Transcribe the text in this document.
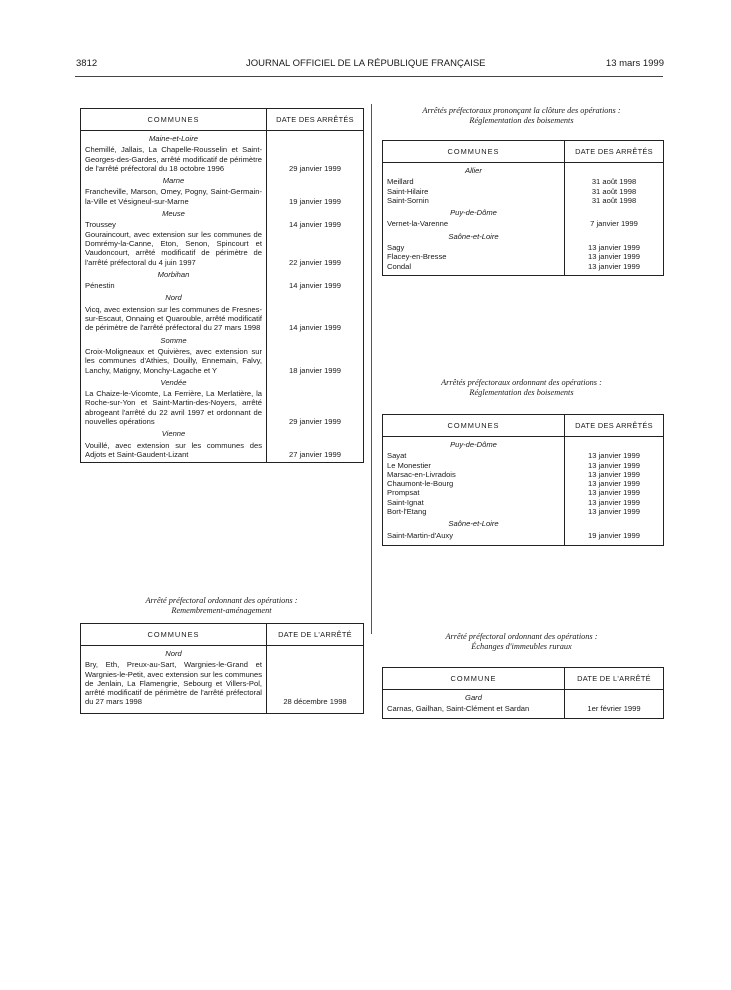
3812	JOURNAL OFFICIEL DE LA RÉPUBLIQUE FRANÇAISE	13 mars 1999
COMMUNES	DATE DES ARRÊTÉS

Maine-et-Loire	

Chemillé, Jallais, La Chapelle-Rousselin et Saint-Georges-des-Gardes, arrêté modificatif de périmètre de l'arrêté préfectoral du 18 octobre 1996	29 janvier 1999

Marne	

Francheville, Marson, Omey, Pogny, Saint-Germain-la-Ville et Vésigneul-sur-Marne	19 janvier 1999

Meuse	

Troussey	14 janvier 1999

Gouraincourt, avec extension sur les communes de Domrémy-la-Canne, Eton, Senon, Spincourt et Vaudoncourt, arrêté modificatif de périmètre de l'arrêté préfectoral du 4 juin 1997	22 janvier 1999

Morbihan	

Pénestin	14 janvier 1999

Nord	

Vicq, avec extension sur les communes de Fresnes-sur-Escaut, Onnaing et Quarouble, arrêté modificatif de périmètre de l'arrêté préfectoral du 27 mars 1998	14 janvier 1999

Somme	

Croix-Moligneaux et Quivières, avec extension sur les communes d'Athies, Douilly, Ennemain, Falvy, Lanchy, Matigny, Monchy-Lagache et Y	18 janvier 1999

Vendée	

La Chaize-le-Vicomte, La Ferrière, La Merlatière, la Roche-sur-Yon et Saint-Martin-des-Noyers, arrêté abrogeant l'arrêté du 22 avril 1997 et ordonnant de nouvelles opérations	29 janvier 1999

Vienne	

Vouillé, avec extension sur les communes des Adjots et Saint-Gaudent-Lizant	27 janvier 1999

Arrêté préfectoral ordonnant des opérations :
Remembrement-aménagement
COMMUNES	DATE DE L'ARRÊTÉ

Nord	

Bry, Eth, Preux-au-Sart, Wargnies-le-Grand et Wargnies-le-Petit, avec extension sur les communes de Jenlain, La Flamengrie, Sebourg et Villers-Pol, arrêté modificatif de périmètre de l'arrêté préfectoral du 27 mars 1998	28 décembre 1998

Arrêtés préfectoraux prononçant la clôture des opérations :
Réglementation des boisements
COMMUNES	DATE DES ARRÊTÉS

Allier	

Meillard	31 août 1998

Saint-Hilaire	31 août 1998

Saint-Sornin	31 août 1998

Puy-de-Dôme	

Vernet-la-Varenne	7 janvier 1999

Saône-et-Loire	

Sagy	13 janvier 1999

Flacey-en-Bresse	13 janvier 1999

Condal	13 janvier 1999

Arrêtés préfectoraux ordonnant des opérations :
Réglementation des boisements
COMMUNES	DATE DES ARRÊTÉS

Puy-de-Dôme	

Sayat	13 janvier 1999

Le Monestier	13 janvier 1999

Marsac-en-Livradois	13 janvier 1999

Chaumont-le-Bourg	13 janvier 1999

Prompsat	13 janvier 1999

Saint-Ignat	13 janvier 1999

Bort-l'Etang	13 janvier 1999

Saône-et-Loire	

Saint-Martin-d'Auxy	19 janvier 1999

Arrêté préfectoral ordonnant des opérations :
Échanges d'immeubles ruraux
COMMUNE	DATE DE L'ARRÊTÉ

Gard	

Carnas, Gailhan, Saint-Clément et Sardan	1er février 1999
